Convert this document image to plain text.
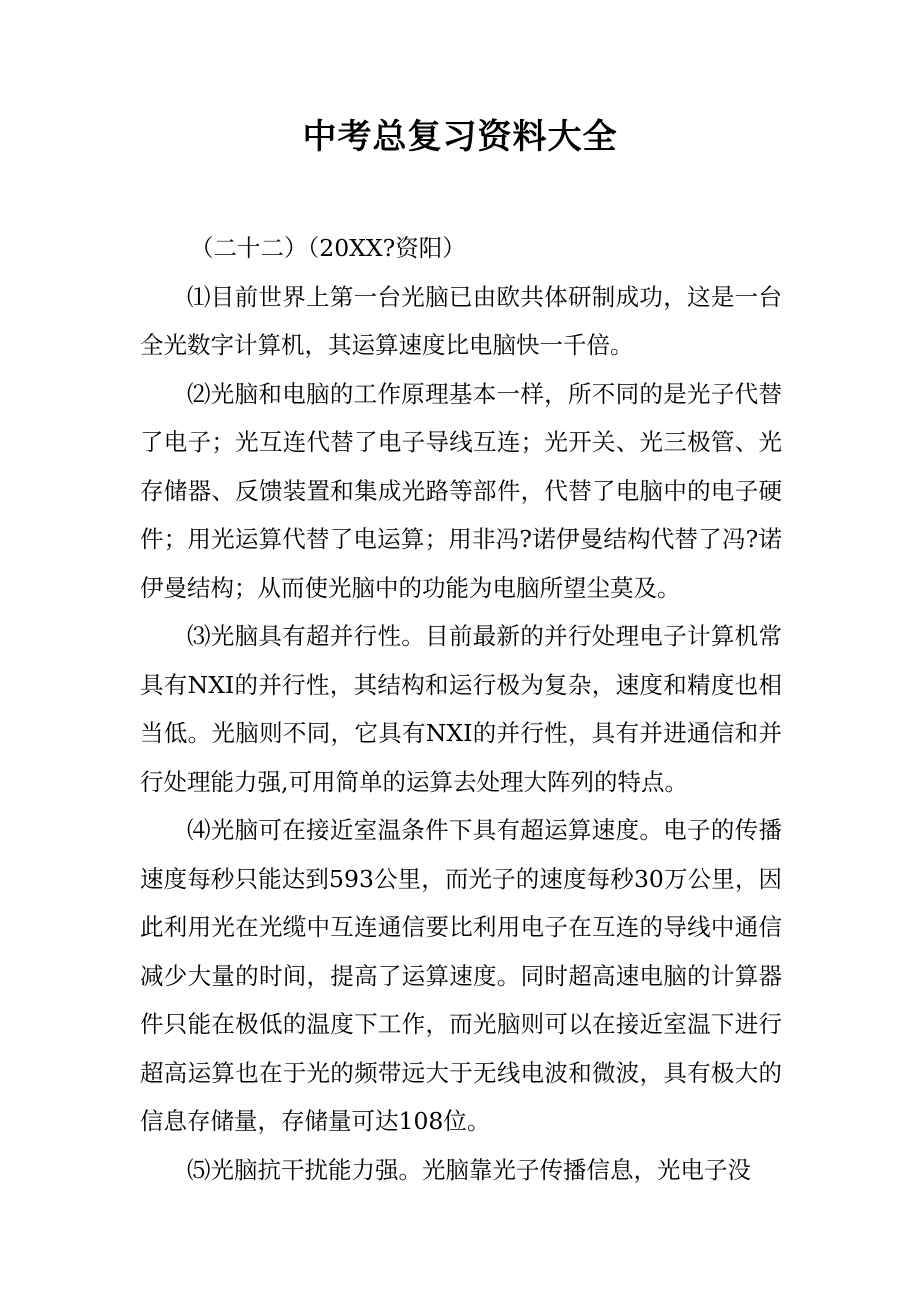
中考总复习资料大全

（二十二）（20XX?资阳）

⑴目前世界上第一台光脑已由欧共体研制成功，这是一台全光数字计算机，其运算速度比电脑快一千倍。

⑵光脑和电脑的工作原理基本一样，所不同的是光子代替了电子；光互连代替了电子导线互连；光开关、光三极管、光存储器、反馈装置和集成光路等部件，代替了电脑中的电子硬件；用光运算代替了电运算；用非冯?诺伊曼结构代替了冯?诺伊曼结构；从而使光脑中的功能为电脑所望尘莫及。

⑶光脑具有超并行性。目前最新的并行处理电子计算机常具有NXI的并行性，其结构和运行极为复杂，速度和精度也相当低。光脑则不同，它具有NXI的并行性，具有并进通信和并行处理能力强,可用简单的运算去处理大阵列的特点。

⑷光脑可在接近室温条件下具有超运算速度。电子的传播速度每秒只能达到593公里，而光子的速度每秒30万公里，因此利用光在光缆中互连通信要比利用电子在互连的导线中通信减少大量的时间，提高了运算速度。同时超高速电脑的计算器件只能在极低的温度下工作，而光脑则可以在接近室温下进行超高运算也在于光的频带远大于无线电波和微波，具有极大的信息存储量，存储量可达108位。

⑸光脑抗干扰能力强。光脑靠光子传播信息，光电子没
